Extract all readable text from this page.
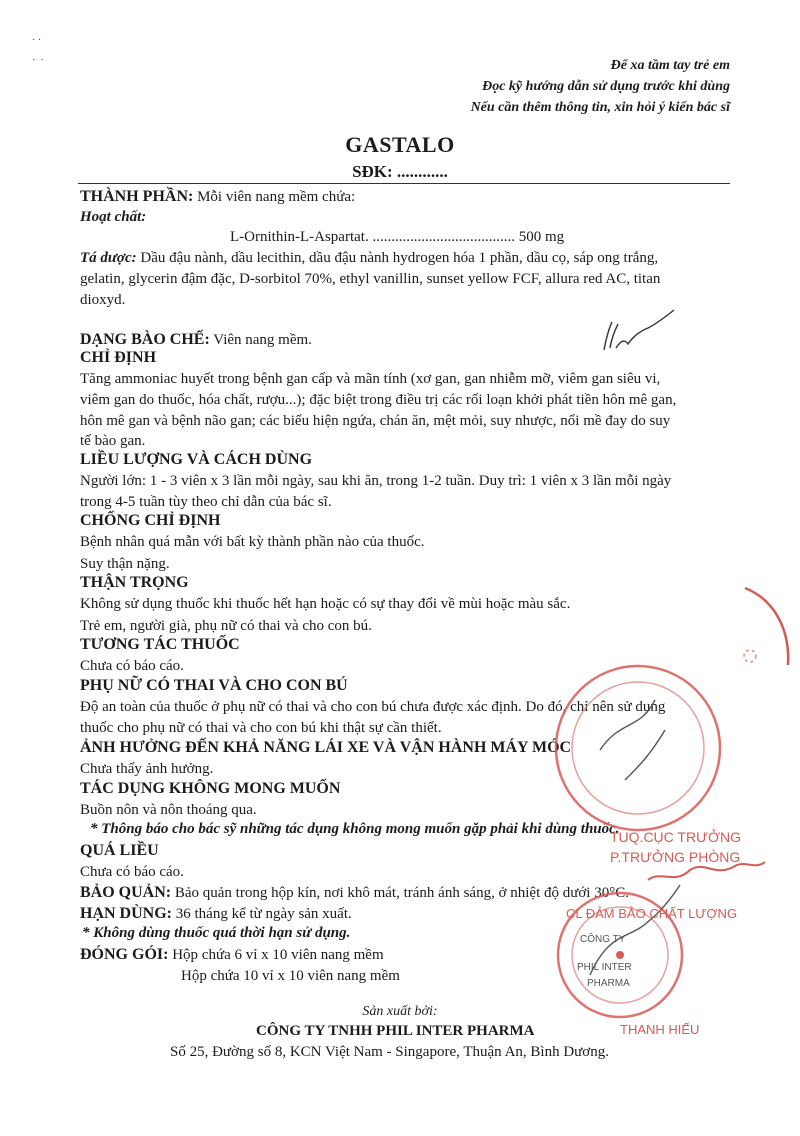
· ·

·  ·	Để xa tầm tay trẻ em
Đọc kỹ hướng dẫn sử dụng trước khi dùng
Nếu cần thêm thông tin, xin hỏi ý kiến bác sĩ
GASTALO
SĐK: ............
THÀNH PHẦN: Mỗi viên nang mềm chứa:
Hoạt chất:
L-Ornithin-L-Aspartat. ...................................... 500 mg
Tá dược: Dầu đậu nành, dầu lecithin, dầu đậu nành hydrogen hóa 1 phần, dầu cọ, sáp ong trắng,
gelatin, glycerin đậm đặc, D-sorbitol 70%, ethyl vanillin, sunset yellow FCF, allura red AC, titan
dioxyd.
DẠNG BÀO CHẾ: Viên nang mềm.
CHỈ ĐỊNH
Tăng ammoniac huyết trong bệnh gan cấp và mãn tính (xơ gan, gan nhiễm mỡ, viêm gan siêu vi,
viêm gan do thuốc, hóa chất, rượu...); đặc biệt trong điều trị các rối loạn khởi phát tiền hôn mê gan,
hôn mê gan và bệnh não gan; các biểu hiện ngứa, chán ăn, mệt mỏi, suy nhược, nổi mề đay do suy
tế bào gan.
LIỀU LƯỢNG VÀ CÁCH DÙNG
Người lớn: 1 - 3 viên x 3 lần mỗi ngày, sau khi ăn, trong 1-2 tuần. Duy trì: 1 viên x 3 lần mỗi ngày
trong 4-5 tuần tùy theo chỉ dẫn của bác sĩ.
CHỐNG CHỈ ĐỊNH
Bệnh nhân quá mẫn với bất kỳ thành phần nào của thuốc.
Suy thận nặng.
THẬN TRỌNG
Không sử dụng thuốc khi thuốc hết hạn hoặc có sự thay đổi về mùi hoặc màu sắc.
Trẻ em, người già, phụ nữ có thai và cho con bú.
TƯƠNG TÁC THUỐC
Chưa có báo cáo.
PHỤ NỮ CÓ THAI VÀ CHO CON BÚ
Độ an toàn của thuốc ở phụ nữ có thai và cho con bú chưa được xác định. Do đó, chỉ nên sử dụng
thuốc cho phụ nữ có thai và cho con bú khi thật sự cần thiết.
ẢNH HƯỞNG ĐẾN KHẢ NĂNG LÁI XE VÀ VẬN HÀNH MÁY MÓC
Chưa thấy ảnh hưởng.
TÁC DỤNG KHÔNG MONG MUỐN
Buồn nôn và nôn thoáng qua.
* Thông báo cho bác sỹ những tác dụng không mong muốn gặp phải khi dùng thuốc.
QUÁ LIỀU
Chưa có báo cáo.
BẢO QUẢN: Bảo quản trong hộp kín, nơi khô mát, tránh ánh sáng, ở nhiệt độ dưới 30°C.
HẠN DÙNG: 36 tháng kể từ ngày sản xuất.
* Không dùng thuốc quá thời hạn sử dụng.
ĐÓNG GÓI: Hộp chứa 6 vỉ x 10 viên nang mềm
Hộp chứa 10 vỉ x 10 viên nang mềm
Sản xuất bởi:
CÔNG TY TNHH PHIL INTER PHARMA
Số 25, Đường số 8, KCN Việt Nam - Singapore, Thuận An, Bình Dương.
TUQ.CỤC TRƯỞNG
P.TRƯỞNG PHÒNG
CL ĐẢM BẢO CHẤT LƯỢNG
CÔNG TY
PHIL INTER
PHARMA
THANH HIẾU
